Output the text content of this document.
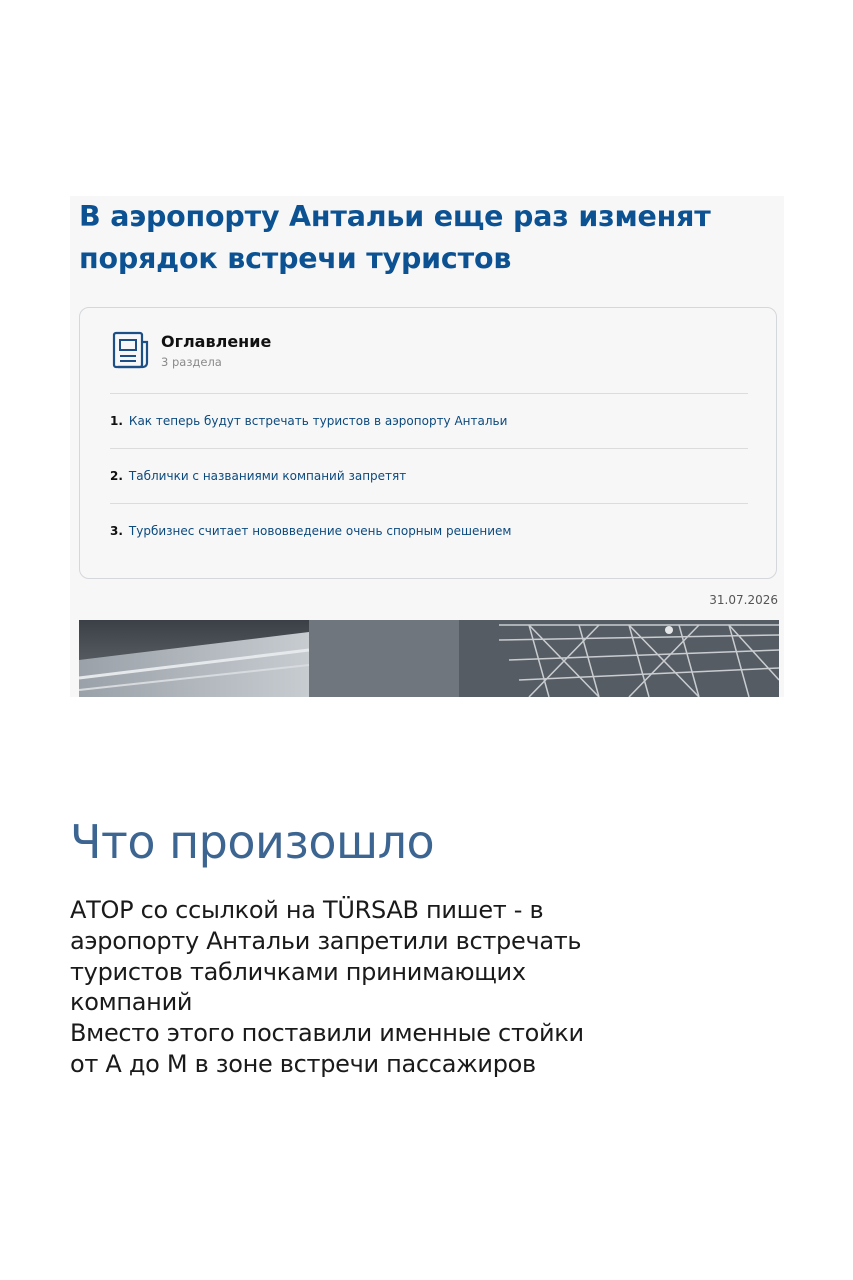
В аэропорту Антальи еще раз изменят порядок встречи туристов
Оглавление
3 раздела
1. Как теперь будут встречать туристов в аэропорту Антальи
2. Таблички с названиями компаний запретят
3. Турбизнес считает нововведение очень спорным решением
31.07.2026
Что произошло

АТОР со ссылкой на TÜRSAB пишет - в
аэропорту Антальи запретили встречать
туристов табличками принимающих
компаний
Вместо этого поставили именные стойки
от А до М в зоне встречи пассажиров
